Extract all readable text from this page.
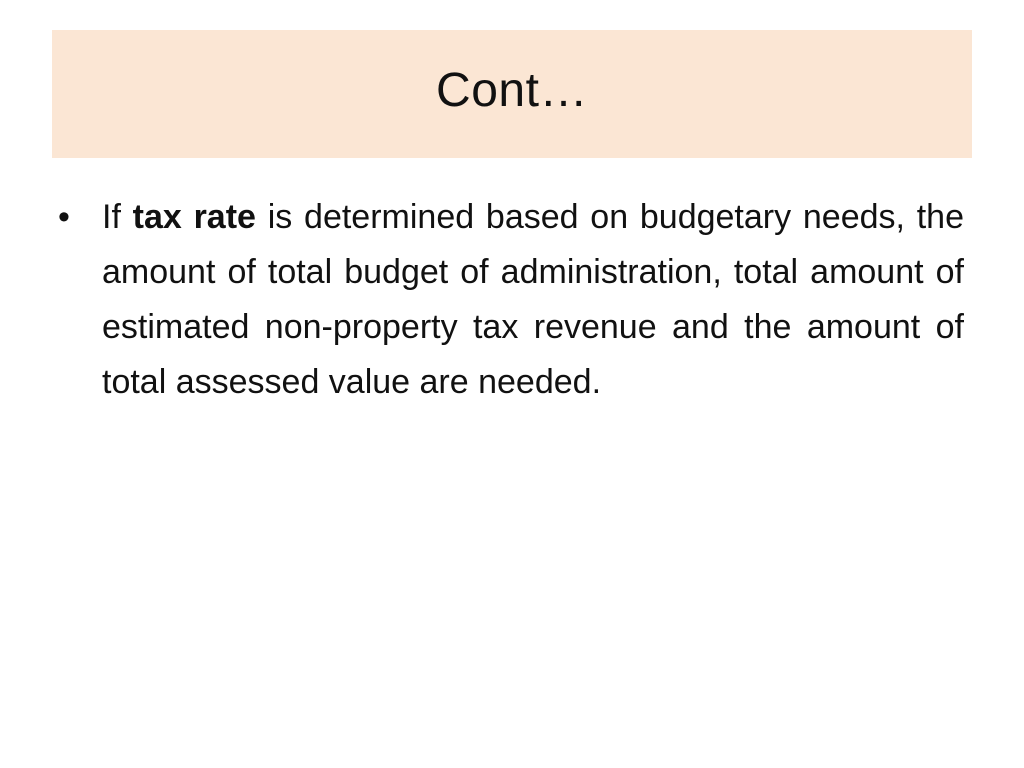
Cont…
• If tax rate is determined based on budgetary needs, the amount of total budget of administration, total amount of estimated non-property tax revenue and the amount of total assessed value are needed.
